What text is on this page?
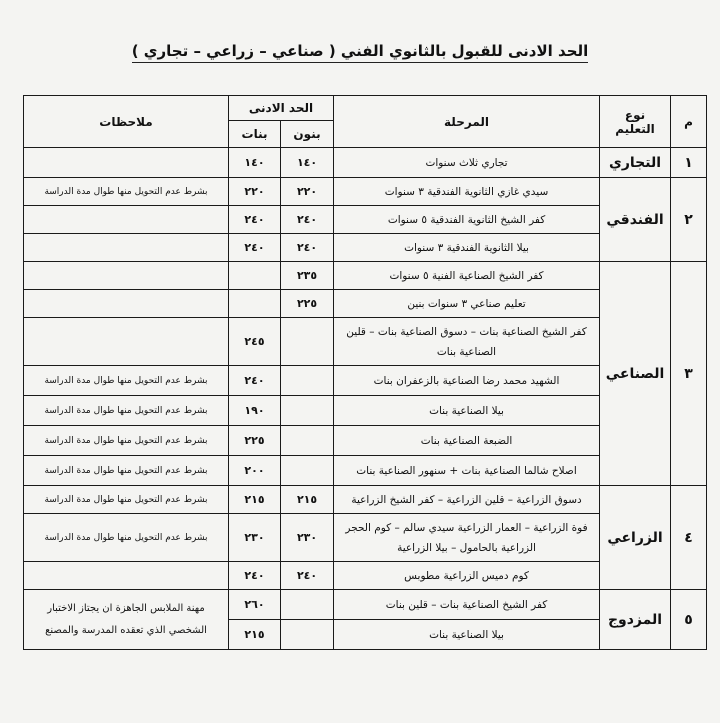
الحد الادنى للقبول بالثانوي الفني ( صناعي – زراعي – تجاري )
م	نوع التعليم	المرحلة	الحد الادنى		ملاحظات
			بنون	بنات	
١	التجاري	تجاري ثلاث سنوات	١٤٠	١٤٠	
٢	الفندقي	سيدي غازي الثانوية الفندقية ٣ سنوات	٢٢٠	٢٢٠	بشرط عدم التحويل منها طوال مدة الدراسة
		كفر الشيخ الثانوية الفندقية ٥ سنوات	٢٤٠	٢٤٠	
		بيلا الثانوية الفندقية ٣ سنوات	٢٤٠	٢٤٠	
٣	الصناعي	كفر الشيخ الصناعية الفنية ٥ سنوات	٢٣٥		
		تعليم صناعي ٣ سنوات بنين	٢٢٥		
		كفر الشيخ الصناعية بنات – دسوق الصناعية بنات – قلين الصناعية بنات		٢٤٥	
		الشهيد محمد رضا الصناعية بالزعفران بنات		٢٤٠	بشرط عدم التحويل منها طوال مدة الدراسة
		بيلا الصناعية بنات		١٩٠	بشرط عدم التحويل منها طوال مدة الدراسة
		الضبعة الصناعية بنات		٢٢٥	بشرط عدم التحويل منها طوال مدة الدراسة
		اصلاح شالما الصناعية بنات + سنهور الصناعية بنات		٢٠٠	بشرط عدم التحويل منها طوال مدة الدراسة
٤	الزراعي	دسوق الزراعية – قلين الزراعية – كفر الشيخ الزراعية	٢١٥	٢١٥	بشرط عدم التحويل منها طوال مدة الدراسة
		فوة الزراعية – العمار الزراعية سيدي سالم – كوم الحجر الزراعية بالحامول – بيلا الزراعية	٢٣٠	٢٣٠	بشرط عدم التحويل منها طوال مدة الدراسة
		كوم دميس الزراعية مطوبس	٢٤٠	٢٤٠	
٥	المزدوج	كفر الشيخ الصناعية بنات – قلين بنات		٢٦٠	مهنة الملابس الجاهزة ان يجتاز الاختبار الشخصي الذي تعقده المدرسة والمصنع
		بيلا الصناعية بنات		٢١٥	
